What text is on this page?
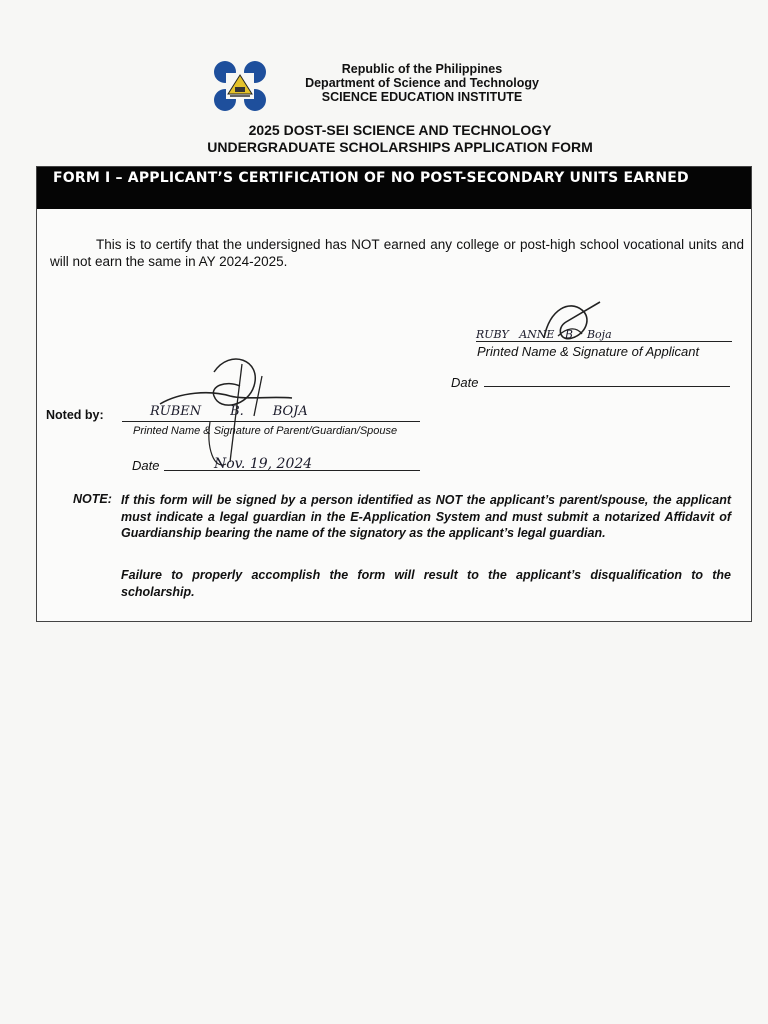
Republic of the Philippines
Department of Science and Technology
SCIENCE EDUCATION INSTITUTE
2025 DOST-SEI SCIENCE AND TECHNOLOGY
UNDERGRADUATE SCHOLARSHIPS APPLICATION FORM
FORM I – APPLICANT’S CERTIFICATION OF NO POST-SECONDARY UNITS EARNED
This is to certify that the undersigned has NOT earned any college or post-high school vocational units and will not earn the same in AY 2024-2025.
RUBY   ANNE   B.   Boja
Printed Name & Signature of Applicant
Date
Noted by:	RUBEN       B.       BOJA
Printed Name & Signature of Parent/Guardian/Spouse
Date	Nov. 19, 2024
NOTE: If this form will be signed by a person identified as NOT the applicant’s parent/spouse, the applicant must indicate a legal guardian in the E-Application System and must submit a notarized Affidavit of Guardianship bearing the name of the signatory as the applicant’s legal guardian.
Failure to properly accomplish the form will result to the applicant’s disqualification to the scholarship.
